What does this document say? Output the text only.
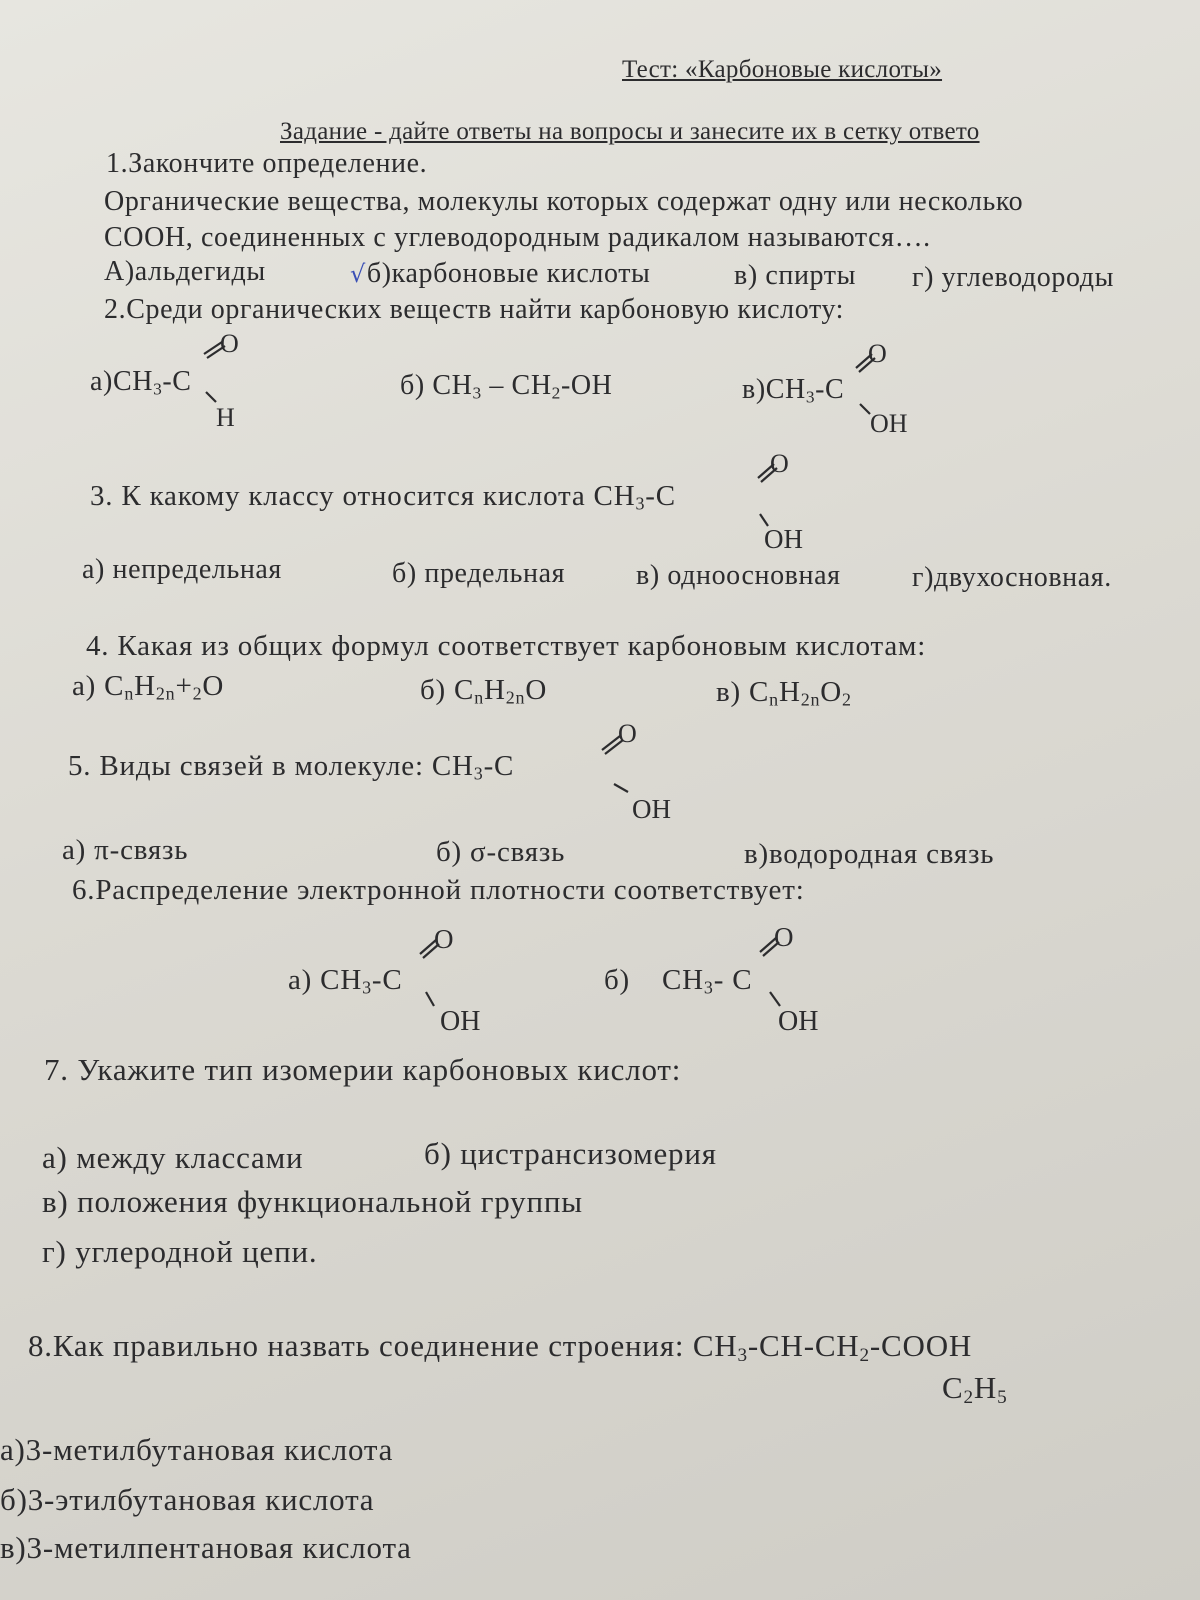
Тест: «Карбоновые кислоты»
Задание - дайте ответы на вопросы и занесите их в сетку ответо
1.Закончите определение.
Органические вещества, молекулы которых содержат одну или несколько
COOH, соединенных с углеводородным радикалом называются….
А)альдегиды	√б)карбоновые кислоты	в) спирты г) углеводороды
2.Среди органических веществ найти карбоновую кислоту:
$а)CH_3-C$
O
H
б) $CH_3 - CH_2-OH$	$в)CH_3-C$
O
OH
3. К какому классу относится кислота $CH_3-C$
O
OH
а) непредельная	б) предельная	в) одноосновная	г)двухосновная.
4. Какая из общих формул соответствует карбоновым кислотам:
а) $C_nH_{2n}+_2O$	б) $C_nH_{2n}O$	в) $C_nH_{2n}O_2$
5. Виды связей в молекуле: $CH_3-C$
O
OH
а) π-связь	б) σ-связь	в)водородная связь
6.Распределение электронной плотности соответствует:
а) $CH_3-C$
O
OH
б) $CH_3-$ C
O
OH
7. Укажите тип изомерии карбоновых кислот:
а) между классами	б) цистрансизомерия
в) положения функциональной группы
г) углеродной цепи.
8.Как правильно назвать соединение строения: $CH_3-CH-CH_2$-COOH
$C_2H_5$
а)3-метилбутановая кислота
б)3-этилбутановая кислота
в)3-метилпентановая кислота
